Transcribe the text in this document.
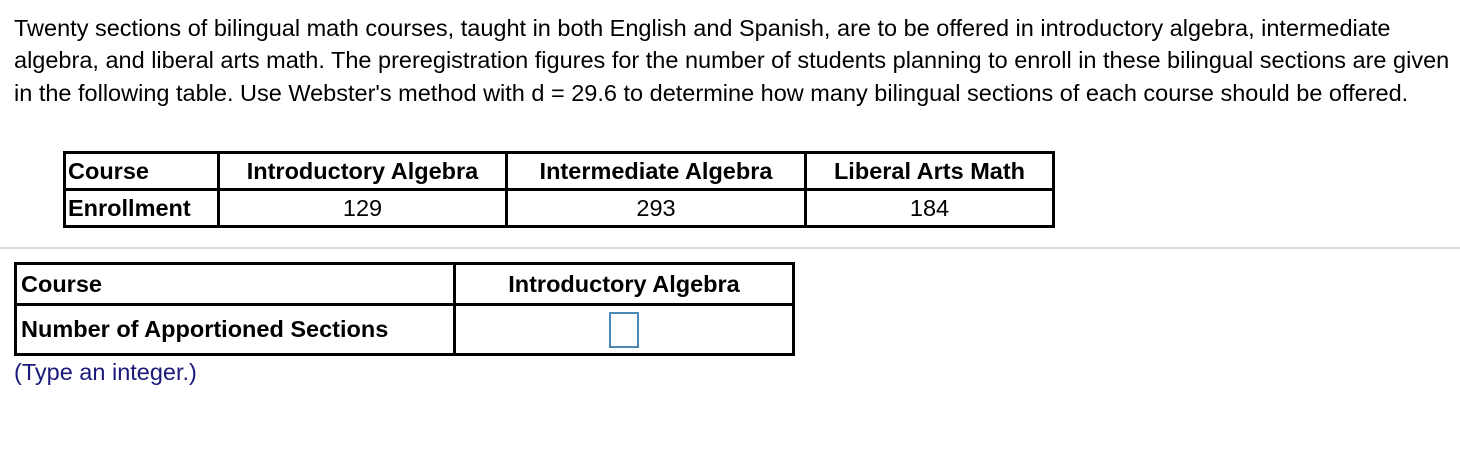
Twenty sections of bilingual math courses, taught in both English and Spanish, are to be offered in introductory algebra, intermediate algebra, and liberal arts math. The preregistration figures for the number of students planning to enroll in these bilingual sections are given in the following table. Use Webster's method with d = 29.6 to determine how many bilingual sections of each course should be offered.

Course	Introductory Algebra	Intermediate Algebra	Liberal Arts Math
Enrollment	129	293	184
Course	Introductory Algebra
Number of Apportioned Sections	
(Type an integer.)
